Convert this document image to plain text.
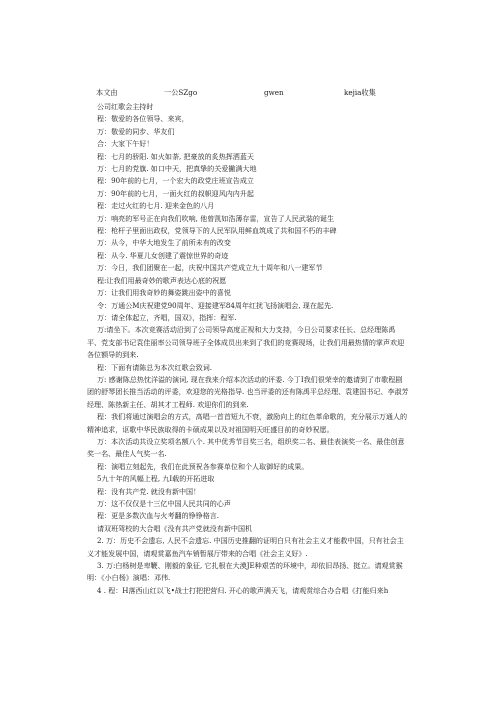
本文由	一公SZgo	gwen	kejia收集
公司红歌会主持时
程：敬爱的各位领导、来宾，
万：敬爱的同步、华友们
合：大家下午好！
程：七月的骄阳. 如火如荼, 把豪放的炙热挥洒蓝天
万：七月的党旗. 如口中天，把真挚的关爱撇满大地
程：90年前的七月，一个宏大的政党庄班宣告成立
万：90年前的七月，一面火红的叔帜迎风内内升起
程：走过火红的七月. 迎来金色的八月
万：响亮的军号正在向我们吹响, 他曾凯如浩薄存雷，宣告了人民武装的诞生
程：枪杆子里面出政权，党领导下的人民军队用鲜血筑成了共和国不朽的丰碑
万：从今，中华大地发生了前所未有的改变
程：从今. 华夏儿女创建了震惊世界的奇迹
万：今日，我们团聚在一起，庆祝中国共产党成立九十周年和八一建军节
程:让我们用最奇妙的歌声表达心底的祝愿
万：让我们用我奇妙的舞姿跳出姿中的喜悦
令：万通公M庆祝建党90周年、迎接建军84周年红扰飞扬演唱会, 现在起先.
万：请全体起立，齐唱，国双》，指挥：程军.
万:请坐下。本次竞赛活动沿到了公司领导高度正视和大力支持，今日公司要求任长、总经理陈禹平、党支部书记袁佳丽率公司领导班子全体成员出来到了我们的竞赛现场，让我们用最热情的掌声欢迎各位额导的到来.
程：下面有请陈总为本次红歌会致词.
万: 感谢陈总热忱洋溢的演词, 现在我来介绍本次活动的评委. 今丁I我们很荣幸的邀请到了市歌程剧团的舒琴团长推当活动的评委，欢迎您的光格指导. 也当评委的还有陈禹平总经理、袁建国书记、李淑芳经理、陈热新主任、胡其才工程师. 欢迎你们的到来.
程：我们将通过演唱会的方式，高唱一首首短九不衰，激励向上的红色革命歌的，充分展示万通人的精神追求，讴歌中华民族取得的卡硕成果以及对祖国明天旺盛目前的奇妙祝愿。
万：本次活动共设立奖项名额八个. 其中优秀节目奖三名，组织奖二名、最佳表演奖一名、最佳创意奖一名、最佳人气奖一名.
程：演唱立刻起先，我们在此预祝各参赛单位和个人取御好的成果。
5九十年的风幅上程, 九I载的开拓进取
程：没有共产党. 就没有新中国！
万：这不仅仅是十三亿中国人民共同的心声
程：更是多数次血与火考翻的铮铮格言.
请双班驾校的大合唱《没有共产党就没有新中国机
2. 万：历史不会遗忘, 人民不会遗忘. 中国历史推翻的证明白只有社会主义才能救中国，只有社会主义才能发展中国，请观赏嘉鱼汽车销暂展厅带来的合唱《社会主义好》.
3. 万:白杨树是卑鞭、刚毅的象征, 它扎根在大漠JE种艰苦的环境中，却依旧昂扬、挺立。请观赏猴明：《小白杨》演唱：邓伟.
4 . 程：H落西山红以飞•战士打把把营归. 开心的歌声满天飞，请观赏综合办合唱《打能归来h
